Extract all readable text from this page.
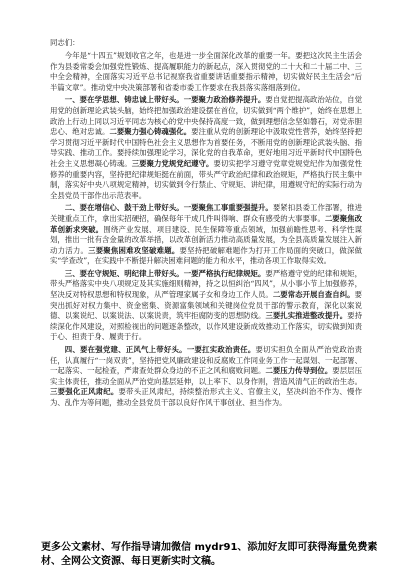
同志们：

今年是“十四五”规划收官之年，也是进一步全面深化改革的重要一年。要把这次民主生活会作为县委常委会加强党性锻炼、提高履职能力的新起点，深入贯彻党的二十大和二十届二中、三中全会精神，全面落实习近平总书记视察我省重要讲话重要指示精神，切实做好民主生活会“后半篇文章”。推动党中央决策部署和省委市委工作要求在我县落实落细落到位。

一、要在学思想、铸忠诚上带好头。一要聚力政治修养提升。要自觉把提高政治站位，自觉用党的创新理论武装头脑，始终把加强政治建设摆在首位，切实做到“两个维护”，始终在思想上政治上行动上同以习近平同志为核心的党中央保持高度一致，做到理想信念坚如磐石，对党赤胆忠心、绝对忠诚。二要聚力强心铸魂强化。要注重从党的创新理论中汲取党性营养，始终坚持把学习贯彻习近平新时代中国特色社会主义思想作为首要任务，不断用党的创新理论武装头脑、指导实践、推动工作。要持续加强理论学习，深化党的自我革命，更好地用习近平新时代中国特色社会主义思想凝心铸魂。三要聚力党规党纪遵守。要切实把学习遵守党章党规党纪作为加强党性修养的重要内容，坚持把纪律规矩挺在前面，带头严守政治纪律和政治规矩，严格执行民主集中制，落实好中央八项规定精神，切实做到令行禁止、守规矩、讲纪律，用遵规守纪的实际行动为全县党员干部作出示范表率。

二、要在增信心、鼓干劲上带好头。一要聚焦工事重要强提升。要紧扣县委工作部署，推进关键重点工作，拿出实招硬招，确保每年干成几件叫得响、群众有感受的大事要事。二要聚焦改革创新求突破。围绕产业发展、项目建设、民生保障等重点领域，加强前瞻性思考、科学性谋划，推出一批有含金量的改革举措，以改革创新活力推动高质量发展，为全县高质量发展注入新动力活力。三要聚焦困难攻坚破难题。要坚持把破解难题作为打开工作局面的突破口，做深做实“学查改”，在实践中不断提升解决困难问题的能力和水平，推动各项工作取得实效。

三、要在守规矩、明纪律上带好头。一要严格执行纪律规矩。要严格遵守党的纪律和规矩，带头严格落实中央八项规定及其实施细则精神，持之以恒纠治“四风”，从小事小节上加强修养，坚决反对特权思想和特权现象，从严管理家属子女和身边工作人员。二要常态开展自查自纠。要突出抓好对权力集中、资金密集、资源富集领域和关键岗位党员干部的警示教育，深化以案说德、以案说纪、以案说法、以案说责，筑牢拒腐防变的思想防线。三要扎实推进整改提升。要持续深化作风建设，对照检视出的问题逐条整改，以作风建设新成效推动工作落实，切实做到知责于心、担责于身、履责于行。

四、要在强党建、正风气上带好头。一要扛实政治责任。要切实担负全面从严治党政治责任，认真履行“一岗双责”，坚持把党风廉政建设和反腐败工作同业务工作一起谋划、一起部署、一起落实、一起检查，严肃查处群众身边的不正之风和腐败问题。二要压力传导到位。要层层压实主体责任，推动全面从严治党向基层延伸，以上率下、以身作则，营造风清气正的政治生态。三要强化正风肃纪。要带头正风肃纪，持续整治形式主义、官僚主义，坚决纠治不作为、慢作为、乱作为等问题，推动全县党员干部以良好作风干事创业、担当作为。

更多公文素材、写作指导请加微信 mydr91、添加好友即可获得海量免费素材、全网公文资源、每日更新实时文稿。
